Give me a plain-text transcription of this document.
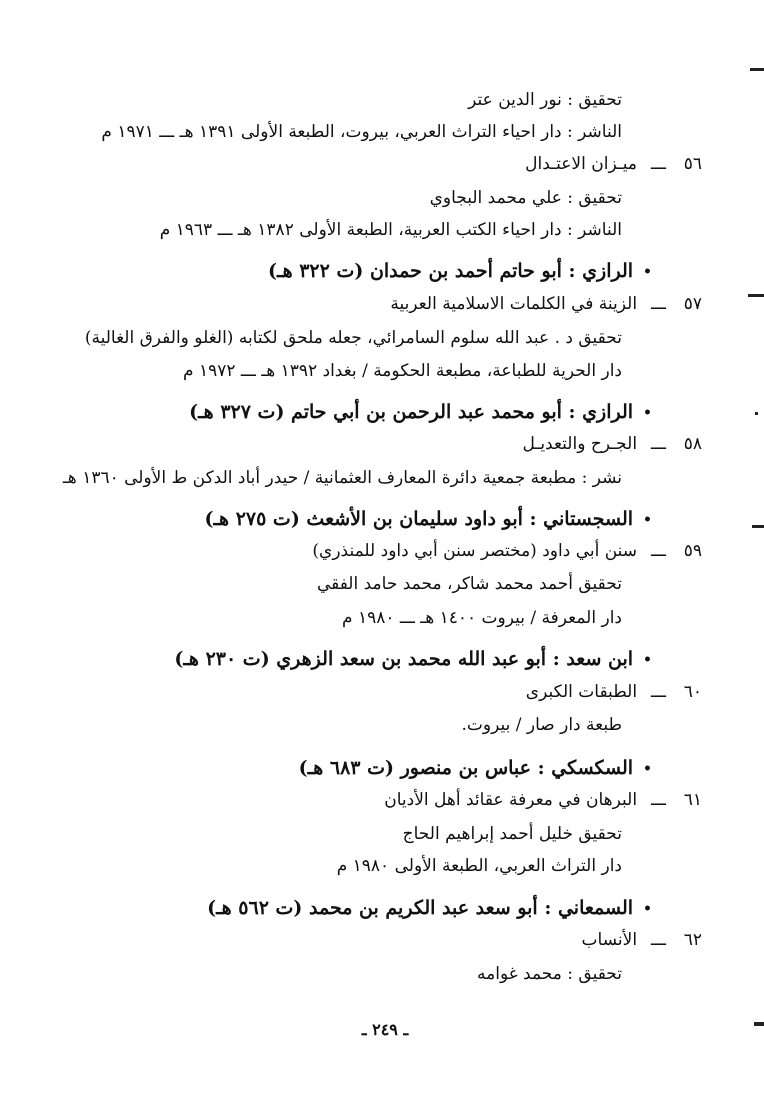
تحقيق : نور الدين عتر
الناشر : دار احياء التراث العربي، بيروت، الطبعة الأولى ١٣٩١ هـ ـــ ١٩٧١ م
٥٦ـــميـزان الاعتـدال
تحقيق : علي محمد البجاوي
الناشر : دار احياء الكتب العربية، الطبعة الأولى ١٣٨٢ هـ ـــ ١٩٦٣ م
•الرازي : أبو حاتم أحمد بن حمدان (ت ٣٢٢ هـ)
٥٧ـــالزينة في الكلمات الاسلامية العربية
تحقيق د . عبد الله سلوم السامرائي، جعله ملحق لكتابه (الغلو والفرق الغالية)
دار الحرية للطباعة، مطبعة الحكومة / بغداد ١٣٩٢ هـ ـــ ١٩٧٢ م
•الرازي : أبو محمد عبد الرحمن بن أبي حاتم (ت ٣٢٧ هـ)
٥٨ـــالجـرح والتعديـل
نشر : مطبعة جمعية دائرة المعارف العثمانية / حيدر أباد الدكن ط الأولى ١٣٦٠ هـ
•السجستاني : أبو داود سليمان بن الأشعث (ت ٢٧٥ هـ)
٥٩ـــسنن أبي داود (مختصر سنن أبي داود للمنذري)
تحقيق أحمد محمد شاكر، محمد حامد الفقي
دار المعرفة / بيروت ١٤٠٠ هـ ـــ ١٩٨٠ م
•ابن سعد : أبو عبد الله محمد بن سعد الزهري (ت ٢٣٠ هـ)
٦٠ـــالطبقات الكبرى
طبعة دار صار / بيروت.
•السكسكي : عباس بن منصور (ت ٦٨٣ هـ)
٦١ـــالبرهان في معرفة عقائد أهل الأديان
تحقيق خليل أحمد إبراهيم الحاج
دار التراث العربي، الطبعة الأولى ١٩٨٠ م
•السمعاني : أبو سعد عبد الكريم بن محمد (ت ٥٦٢ هـ)
٦٢ـــالأنساب
تحقيق : محمد غوامه
ـ ٢٤٩ ـ
